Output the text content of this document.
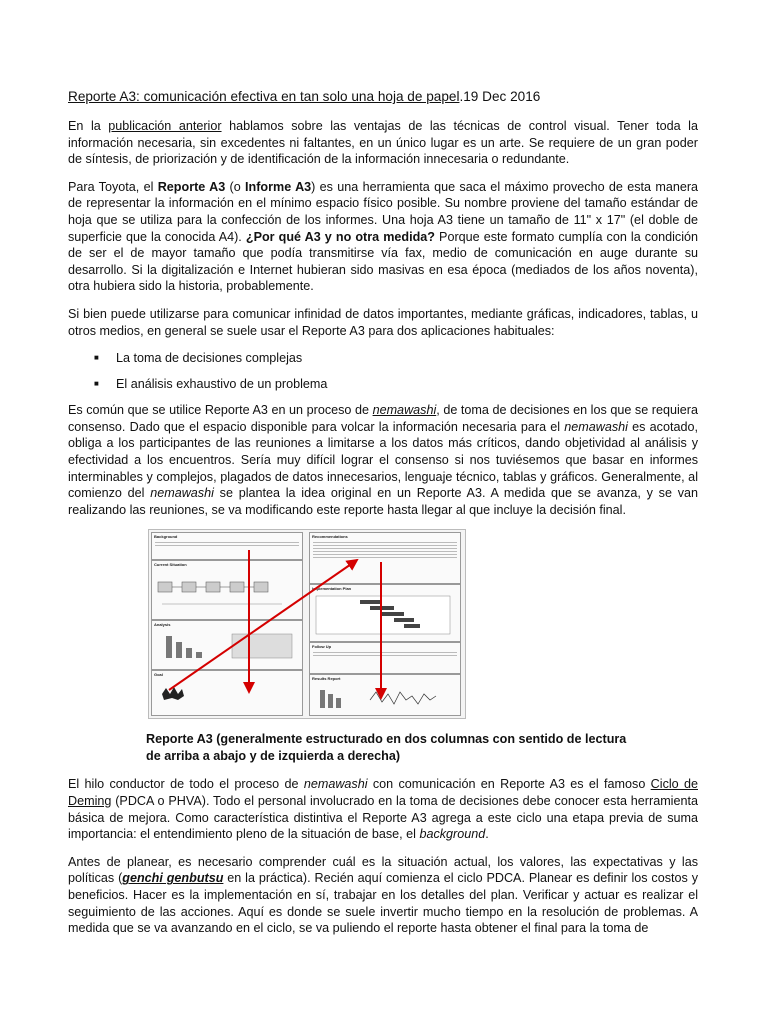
Reporte A3: comunicación efectiva en tan solo una hoja de papel.19 Dec 2016

En la publicación anterior hablamos sobre las ventajas de las técnicas de control visual. Tener toda la información necesaria, sin excedentes ni faltantes, en un único lugar es un arte. Se requiere de un gran poder de síntesis, de priorización y de identificación de la información innecesaria o redundante.

Para Toyota, el Reporte A3 (o Informe A3) es una herramienta que saca el máximo provecho de esta manera de representar la información en el mínimo espacio físico posible. Su nombre proviene del tamaño estándar de hoja que se utiliza para la confección de los informes. Una hoja A3 tiene un tamaño de 11" x 17" (el doble de superficie que la conocida A4). ¿Por qué A3 y no otra medida? Porque este formato cumplía con la condición de ser el de mayor tamaño que podía transmitirse vía fax, medio de comunicación en auge durante su desarrollo. Si la digitalización e Internet hubieran sido masivas en esa época (mediados de los años noventa), otra hubiera sido la historia, probablemente.

Si bien puede utilizarse para comunicar infinidad de datos importantes, mediante gráficas, indicadores, tablas, u otros medios, en general se suele usar el Reporte A3 para dos aplicaciones habituales:

■ La toma de decisiones complejas
■ El análisis exhaustivo de un problema

Es común que se utilice Reporte A3 en un proceso de nemawashi, de toma de decisiones en los que se requiera consenso. Dado que el espacio disponible para volcar la información necesaria para el nemawashi es acotado, obliga a los participantes de las reuniones a limitarse a los datos más críticos, dando objetividad al análisis y efectividad a los encuentros. Sería muy difícil lograr el consenso si nos tuviésemos que basar en informes interminables y complejos, plagados de datos innecesarios, lenguaje técnico, tablas y gráficos. Generalmente, al comienzo del nemawashi se plantea la idea original en un Reporte A3. A medida que se avanza, y se van realizando las reuniones, se va modificando este reporte hasta llegar al que incluye la decisión final.

Background
Current Situation
Analysis
Goal
Recommendations
Implementation Plan
Follow Up
Results Report
Reporte A3 (generalmente estructurado en dos columnas con sentido de lectura
de arriba a abajo y de izquierda a derecha)

El hilo conductor de todo el proceso de nemawashi con comunicación en Reporte A3 es el famoso Ciclo de Deming (PDCA o PHVA). Todo el personal involucrado en la toma de decisiones debe conocer esta herramienta básica de mejora. Como característica distintiva el Reporte A3 agrega a este ciclo una etapa previa de suma importancia: el entendimiento pleno de la situación de base, el background.

Antes de planear, es necesario comprender cuál es la situación actual, los valores, las expectativas y las políticas (genchi genbutsu en la práctica). Recién aquí comienza el ciclo PDCA. Planear es definir los costos y beneficios. Hacer es la implementación en sí, trabajar en los detalles del plan. Verificar y actuar es realizar el seguimiento de las acciones. Aquí es donde se suele invertir mucho tiempo en la resolución de problemas. A medida que se va avanzando en el ciclo, se va puliendo el reporte hasta obtener el final para la toma de
